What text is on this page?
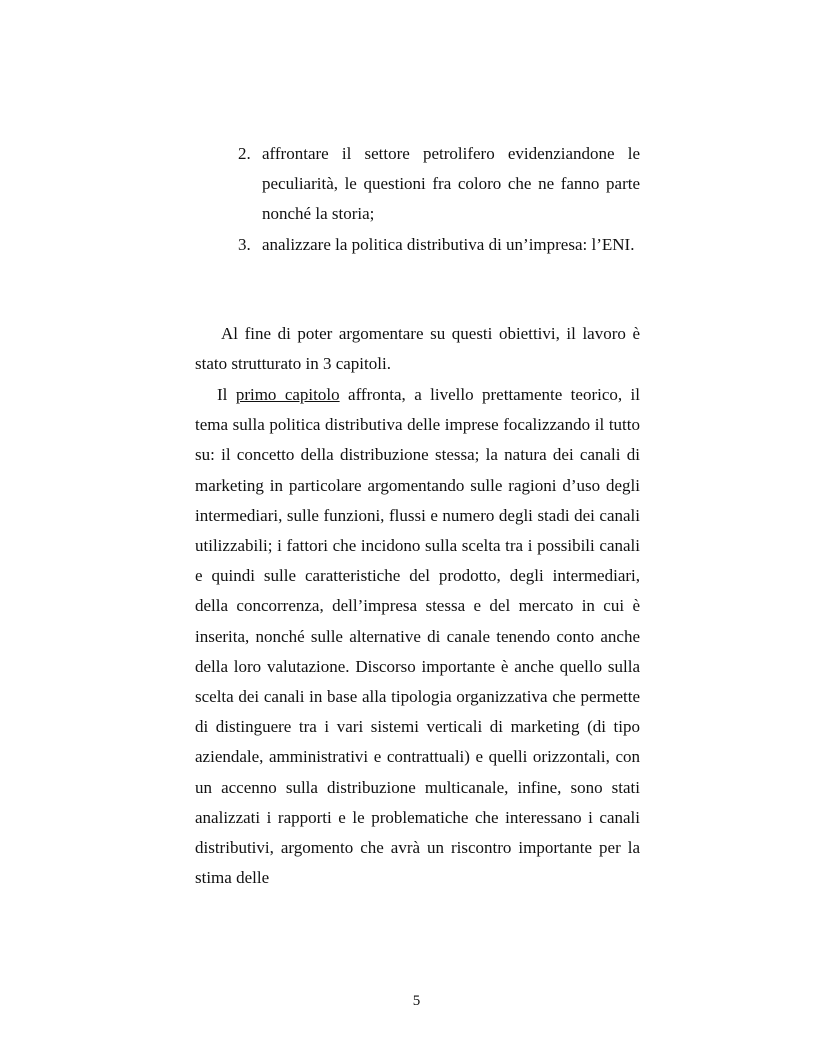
2. affrontare il settore petrolifero evidenziandone le peculiarità, le questioni fra coloro che ne fanno parte nonché la storia;
3. analizzare la politica distributiva di un’impresa: l’ENI.

Al fine di poter argomentare su questi obiettivi, il lavoro è stato strutturato in 3 capitoli.

Il primo capitolo affronta, a livello prettamente teorico, il tema sulla politica distributiva delle imprese focalizzando il tutto su: il concetto della distribuzione stessa; la natura dei canali di marketing in particolare argomentando sulle ragioni d’uso degli intermediari, sulle funzioni, flussi e numero degli stadi dei canali utilizzabili; i fattori che incidono sulla scelta tra i possibili canali e quindi sulle caratteristiche del prodotto, degli intermediari, della concorrenza, dell’impresa stessa e del mercato in cui è inserita, nonché sulle alternative di canale tenendo conto anche della loro valutazione. Discorso importante è anche quello sulla scelta dei canali in base alla tipologia organizzativa che permette di distinguere tra i vari sistemi verticali di marketing (di tipo aziendale, amministrativi e contrattuali) e quelli orizzontali, con un accenno sulla distribuzione multicanale, infine, sono stati analizzati i rapporti e le problematiche che interessano i canali distributivi, argomento che avrà un riscontro importante per la stima delle

5
